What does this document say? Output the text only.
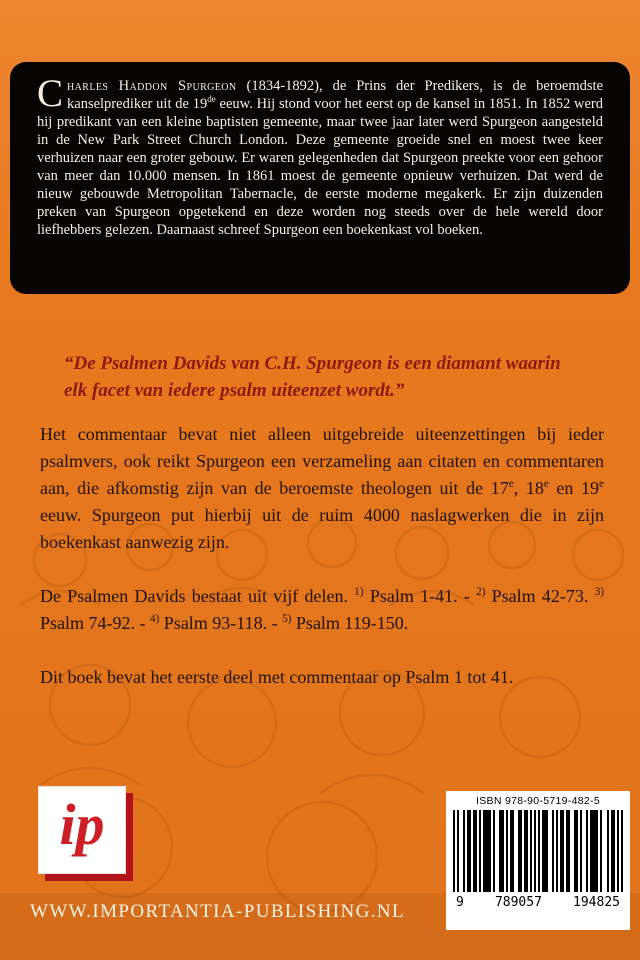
Charles Haddon Spurgeon (1834-1892), de Prins der Predikers, is de beroemdste kanselprediker uit de 19de eeuw. Hij stond voor het eerst op de kansel in 1851. In 1852 werd hij predikant van een kleine baptisten gemeente, maar twee jaar later werd Spurgeon aangesteld in de New Park Street Church London. Deze gemeente groeide snel en moest twee keer verhuizen naar een groter gebouw. Er waren gelegenheden dat Spurgeon preekte voor een gehoor van meer dan 10.000 mensen. In 1861 moest de gemeente opnieuw verhuizen. Dat werd de nieuw gebouwde Metropolitan Tabernacle, de eerste moderne megakerk. Er zijn duizenden preken van Spurgeon opgetekend en deze worden nog steeds over de hele wereld door liefhebbers gelezen. Daarnaast schreef Spurgeon een boekenkast vol boeken.

“De Psalmen Davids van C.H. Spurgeon is een diamant waarin elk facet van iedere psalm uiteenzet wordt.”

Het commentaar bevat niet alleen uitgebreide uiteenzettingen bij ieder psalmvers, ook reikt Spurgeon een verzameling aan citaten en commentaren aan, die afkomstig zijn van de beroemste theologen uit de 17e, 18e en 19e eeuw. Spurgeon put hierbij uit de ruim 4000 naslagwerken die in zijn boekenkast aanwezig zijn.

De Psalmen Davids bestaat uit vijf delen. $^{1)}$ Psalm 1-41. - $^{2)}$ Psalm 42-73. $^{3)}$ Psalm 74-92. - $^{4)}$ Psalm 93-118. - $^{5)}$ Psalm 119-150.

Dit boek bevat het eerste deel met commentaar op Psalm 1 tot 41.

ip	ISBN 978-90-5719-482-5
9 789057 194825
WWW.IMPORTANTIA-PUBLISHING.NL
